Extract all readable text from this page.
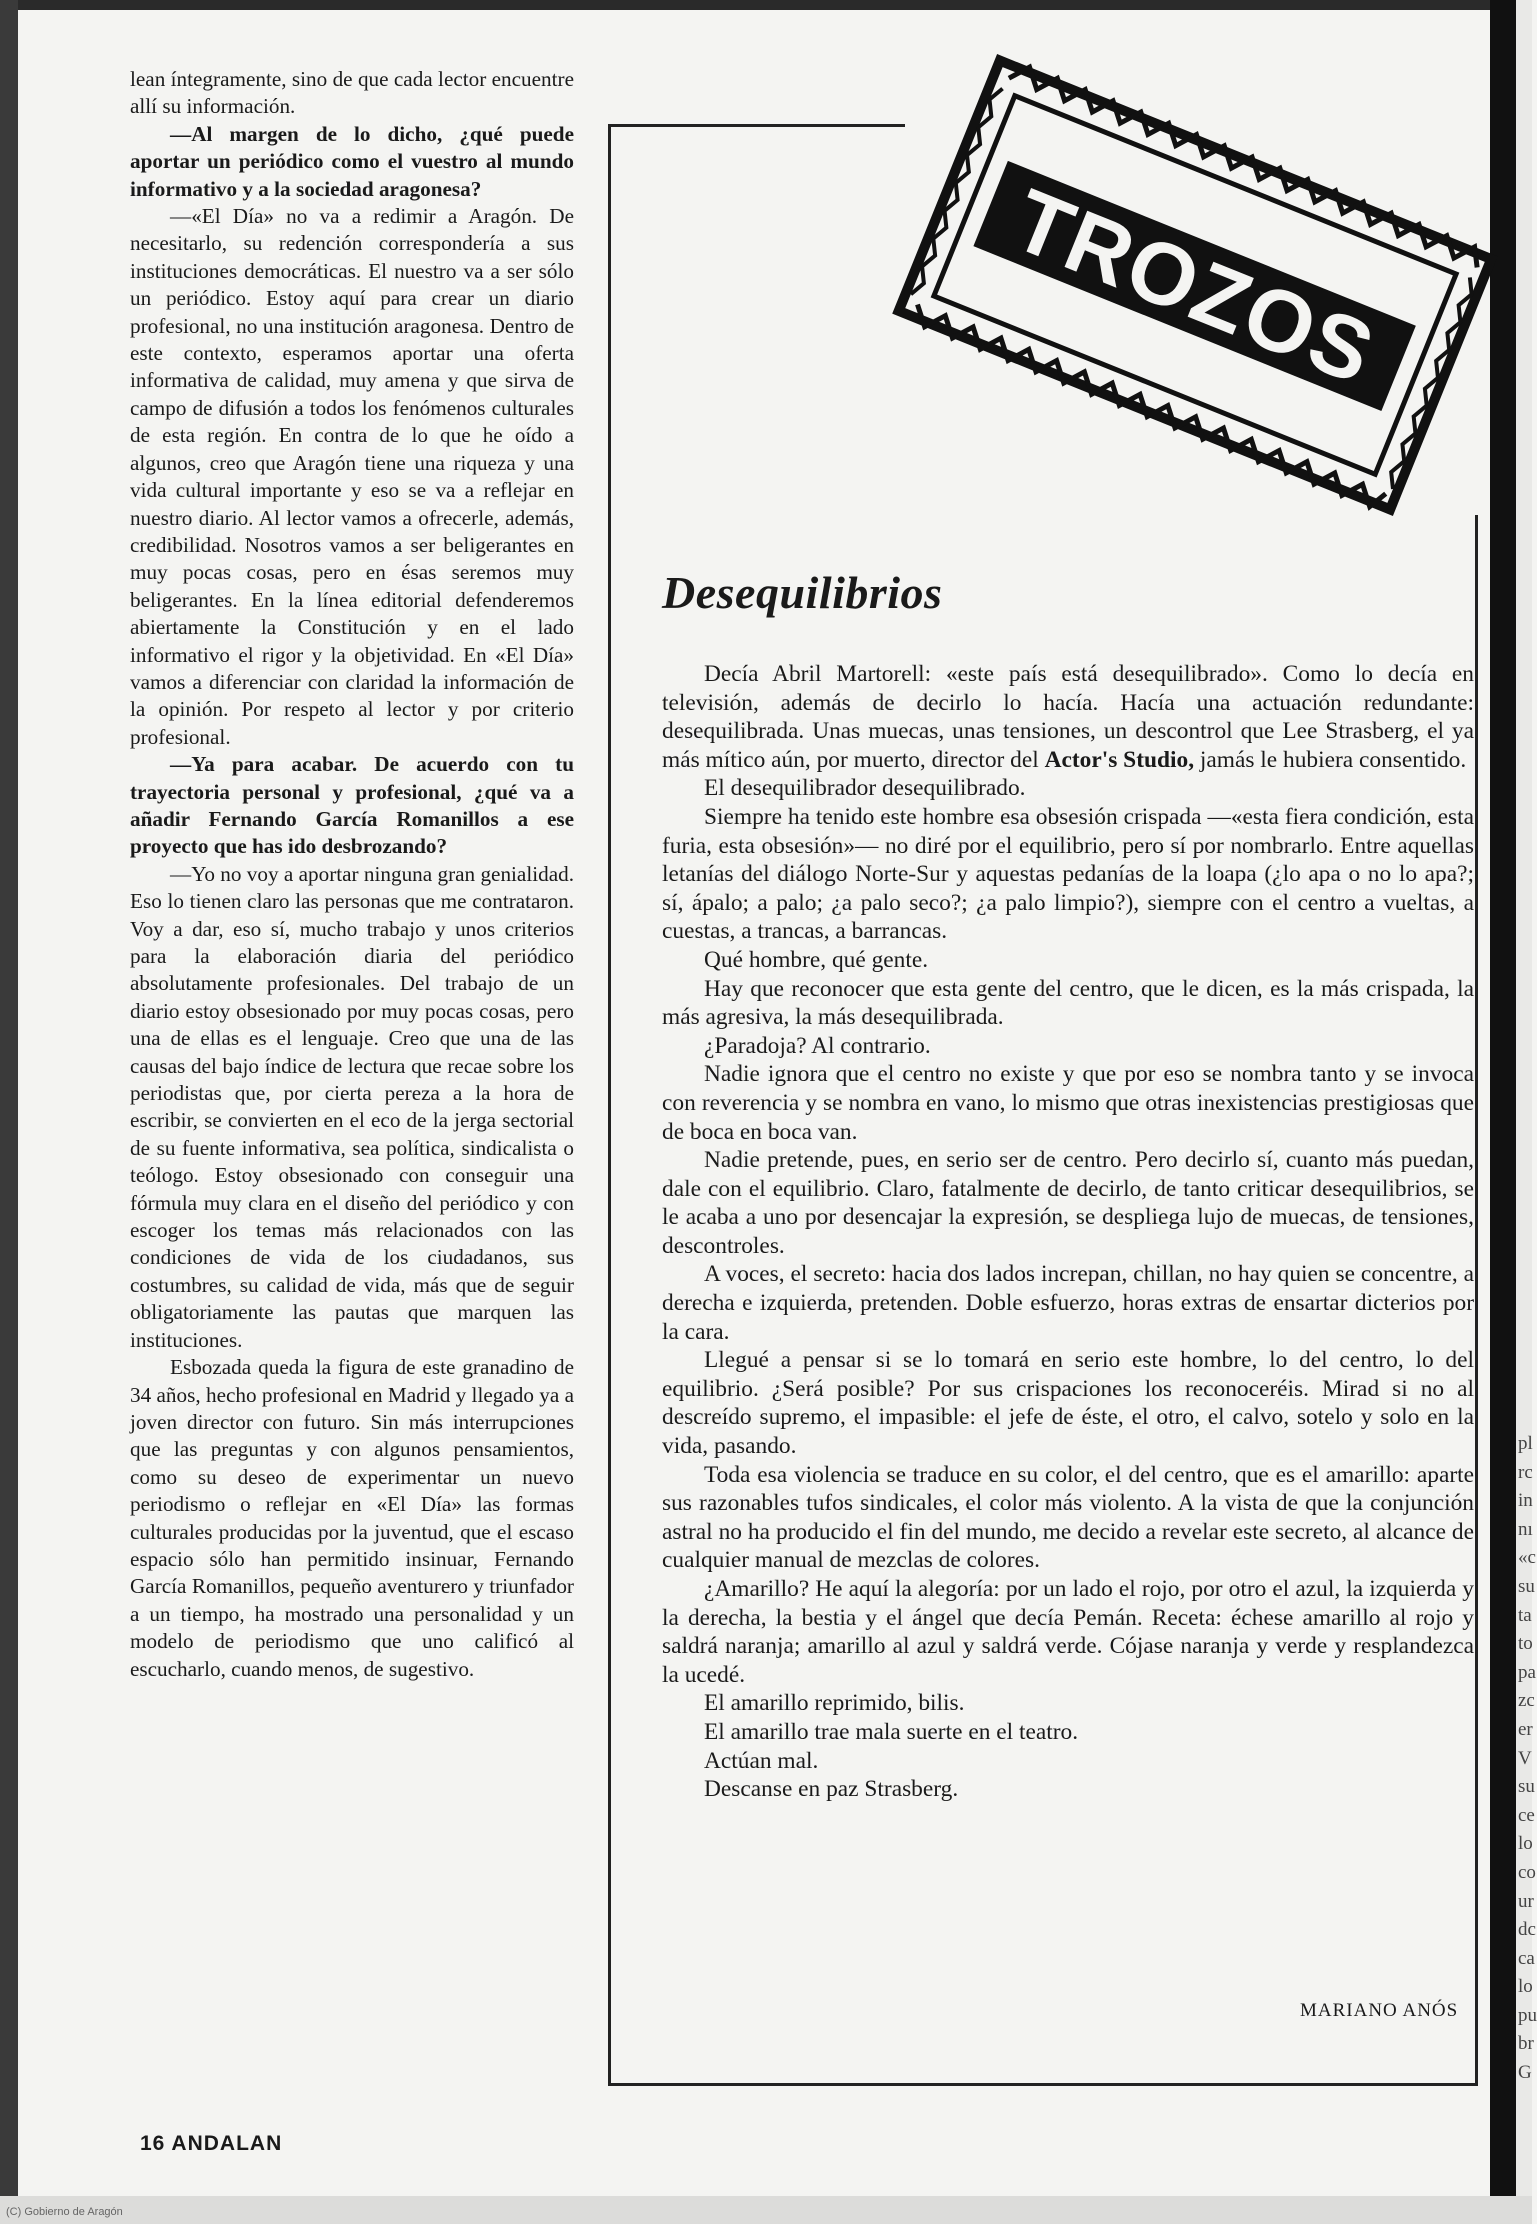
lean íntegramente, sino de que cada lector encuentre allí su información.

—Al margen de lo dicho, ¿qué puede aportar un periódico como el vuestro al mundo informativo y a la sociedad aragonesa?

—«El Día» no va a redimir a Aragón. De necesitarlo, su redención correspondería a sus instituciones democráticas. El nuestro va a ser sólo un periódico. Estoy aquí para crear un diario profesional, no una institución aragonesa. Dentro de este contexto, esperamos aportar una oferta informativa de calidad, muy amena y que sirva de campo de difusión a todos los fenómenos culturales de esta región. En contra de lo que he oído a algunos, creo que Aragón tiene una riqueza y una vida cultural importante y eso se va a reflejar en nuestro diario. Al lector vamos a ofrecerle, además, credibilidad. Nosotros vamos a ser beligerantes en muy pocas cosas, pero en ésas seremos muy beligerantes. En la línea editorial defenderemos abiertamente la Constitución y en el lado informativo el rigor y la objetividad. En «El Día» vamos a diferenciar con claridad la información de la opinión. Por respeto al lector y por criterio profesional.

—Ya para acabar. De acuerdo con tu trayectoria personal y profesional, ¿qué va a añadir Fernando García Romanillos a ese proyecto que has ido desbrozando?

—Yo no voy a aportar ninguna gran genialidad. Eso lo tienen claro las personas que me contrataron. Voy a dar, eso sí, mucho trabajo y unos criterios para la elaboración diaria del periódico absolutamente profesionales. Del trabajo de un diario estoy obsesionado por muy pocas cosas, pero una de ellas es el lenguaje. Creo que una de las causas del bajo índice de lectura que recae sobre los periodistas que, por cierta pereza a la hora de escribir, se convierten en el eco de la jerga sectorial de su fuente informativa, sea política, sindicalista o teólogo. Estoy obsesionado con conseguir una fórmula muy clara en el diseño del periódico y con escoger los temas más relacionados con las condiciones de vida de los ciudadanos, sus costumbres, su calidad de vida, más que de seguir obligatoriamente las pautas que marquen las instituciones.

Esbozada queda la figura de este granadino de 34 años, hecho profesional en Madrid y llegado ya a joven director con futuro. Sin más interrupciones que las preguntas y con algunos pensamientos, como su deseo de experimentar un nuevo periodismo o reflejar en «El Día» las formas culturales producidas por la juventud, que el escaso espacio sólo han permitido insinuar, Fernando García Romanillos, pequeño aventurero y triunfador a un tiempo, ha mostrado una personalidad y un modelo de periodismo que uno calificó al escucharlo, cuando menos, de sugestivo.

16 ANDALAN
TROZOS
Desequilibrios

Decía Abril Martorell: «este país está desequilibrado». Como lo decía en televisión, además de decirlo lo hacía. Hacía una actuación redundante: desequilibrada. Unas muecas, unas tensiones, un descontrol que Lee Strasberg, el ya más mítico aún, por muerto, director del Actor's Studio, jamás le hubiera consentido.

El desequilibrador desequilibrado.

Siempre ha tenido este hombre esa obsesión crispada —«esta fiera condición, esta furia, esta obsesión»— no diré por el equilibrio, pero sí por nombrarlo. Entre aquellas letanías del diálogo Norte-Sur y aquestas pedanías de la loapa (¿lo apa o no lo apa?; sí, ápalo; a palo; ¿a palo seco?; ¿a palo limpio?), siempre con el centro a vueltas, a cuestas, a trancas, a barrancas.

Qué hombre, qué gente.

Hay que reconocer que esta gente del centro, que le dicen, es la más crispada, la más agresiva, la más desequilibrada.

¿Paradoja? Al contrario.

Nadie ignora que el centro no existe y que por eso se nombra tanto y se invoca con reverencia y se nombra en vano, lo mismo que otras inexistencias prestigiosas que de boca en boca van.

Nadie pretende, pues, en serio ser de centro. Pero decirlo sí, cuanto más puedan, dale con el equilibrio. Claro, fatalmente de decirlo, de tanto criticar desequilibrios, se le acaba a uno por desencajar la expresión, se despliega lujo de muecas, de tensiones, descontroles.

A voces, el secreto: hacia dos lados increpan, chillan, no hay quien se concentre, a derecha e izquierda, pretenden. Doble esfuerzo, horas extras de ensartar dicterios por la cara.

Llegué a pensar si se lo tomará en serio este hombre, lo del centro, lo del equilibrio. ¿Será posible? Por sus crispaciones los reconoceréis. Mirad si no al descreído supremo, el impasible: el jefe de éste, el otro, el calvo, sotelo y solo en la vida, pasando.

Toda esa violencia se traduce en su color, el del centro, que es el amarillo: aparte sus razonables tufos sindicales, el color más violento. A la vista de que la conjunción astral no ha producido el fin del mundo, me decido a revelar este secreto, al alcance de cualquier manual de mezclas de colores.

¿Amarillo? He aquí la alegoría: por un lado el rojo, por otro el azul, la izquierda y la derecha, la bestia y el ángel que decía Pemán. Receta: échese amarillo al rojo y saldrá naranja; amarillo al azul y saldrá verde. Cójase naranja y verde y resplandezca la ucedé.

El amarillo reprimido, bilis.

El amarillo trae mala suerte en el teatro.

Actúan mal.

Descanse en paz Strasberg.

MARIANO ANÓS
pl
rc
in
nı
«c
su
ta
to
pa
zc
er
V
su
ce
lo
co
ur
dc
ca
lo
pu
br
G
(C) Gobierno de Aragón
